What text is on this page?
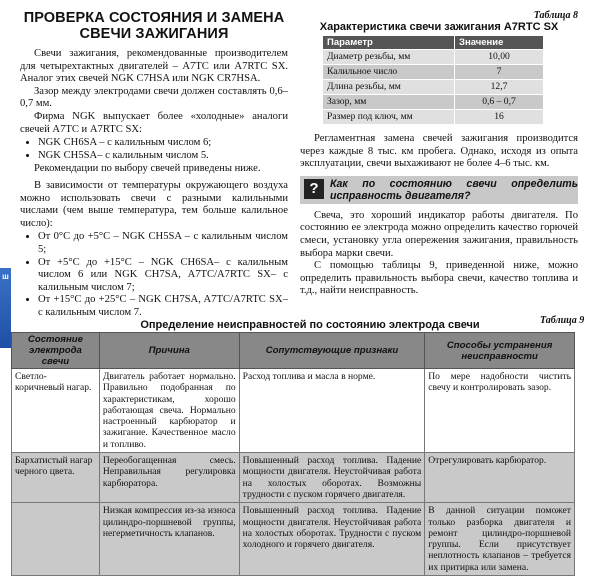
ш
ПРОВЕРКА СОСТОЯНИЯ И ЗАМЕНА СВЕЧИ ЗАЖИГАНИЯ

Свечи зажигания, рекомендованные производителем для четырехтактных двигателей – A7TC или A7RTC SX. Аналог этих свечей NGK C7HSA или NGK CR7HSA.

Зазор между электродами свечи должен составлять 0,6–0,7 мм.

Фирма NGK выпускает более «холодные» аналоги свечей A7TC и A7RTC SX:

• NGK CH6SA – с калильным числом 6;
• NGK CH5SA– с калильным числом 5.

Рекомендации по выбору свечей приведены ниже.

В зависимости от температуры окружающего воздуха можно использовать свечи с разными калильными числами (чем выше температура, тем больше калильное число):

• От 0°С до +5°С – NGK CH5SA – с калильным числом 5;
• От +5°С до +15°С – NGK CH6SA– с калильным числом 6 или NGK CH7SA, A7TC/A7RTC SX– с калильным числом 7;
• От +15°С до +25°С – NGK CH7SA, A7TC/A7RTC SX– с калильным числом 7.
Таблица 8
Характеристика свечи зажигания A7RTC SX
Параметр	Значение
Диаметр резьбы, мм	10,00
Калильное число	7
Длина резьбы, мм	12,7
Зазор, мм	0,6 – 0,7
Размер под ключ, мм	16

Регламентная замена свечей зажигания производится через каждые 8 тыс. км пробега. Однако, исходя из опыта эксплуатации, свечи выхаживают не более 4–6 тыс. км.

?	Как по состоянию свечи определить исправность двигателя?

Свеча, это хороший индикатор работы двигателя. По состоянию ее электрода можно определить качество горючей смеси, установку угла опережения зажигания, правильность выбора марки свечи.

С помощью таблицы 9, приведенной ниже, можно определить правильность выбора свечи, качество топлива и т.д., найти неисправность.

Таблица 9
Определение неисправностей по состоянию электрода свечи
Состояние электрода свечи	Причина	Сопутствующие признаки	Способы устранения неисправности
Светло-коричневый нагар.	Двигатель работает нормально. Правильно подобранная по характеристикам, хорошо работающая свеча. Нормально настроенный карбюратор и зажигание. Качественное масло и топливо.	Расход топлива и масла в норме.	По мере надобности чистить свечу и контролировать зазор.
Бархатистый нагар черного цвета.	Переобогащенная смесь. Неправильная регулировка карбюратора.	Повышенный расход топлива. Падение мощности двигателя. Неустойчивая работа на холостых оборотах. Возможны трудности с пуском горячего двигателя.	Отрегулировать карбюратор.
	Низкая компрессия из-за износа цилиндро-поршневой группы, негерметичность клапанов.	Повышенный расход топлива. Падение мощности двигателя. Неустойчивая работа на холостых оборотах. Трудности с пуском холодного и горячего двигателя.	В данной ситуации поможет только разборка двигателя и ремонт цилиндро-поршневой группы. Если присутствует неплотность клапанов – требуется их притирка или замена.
